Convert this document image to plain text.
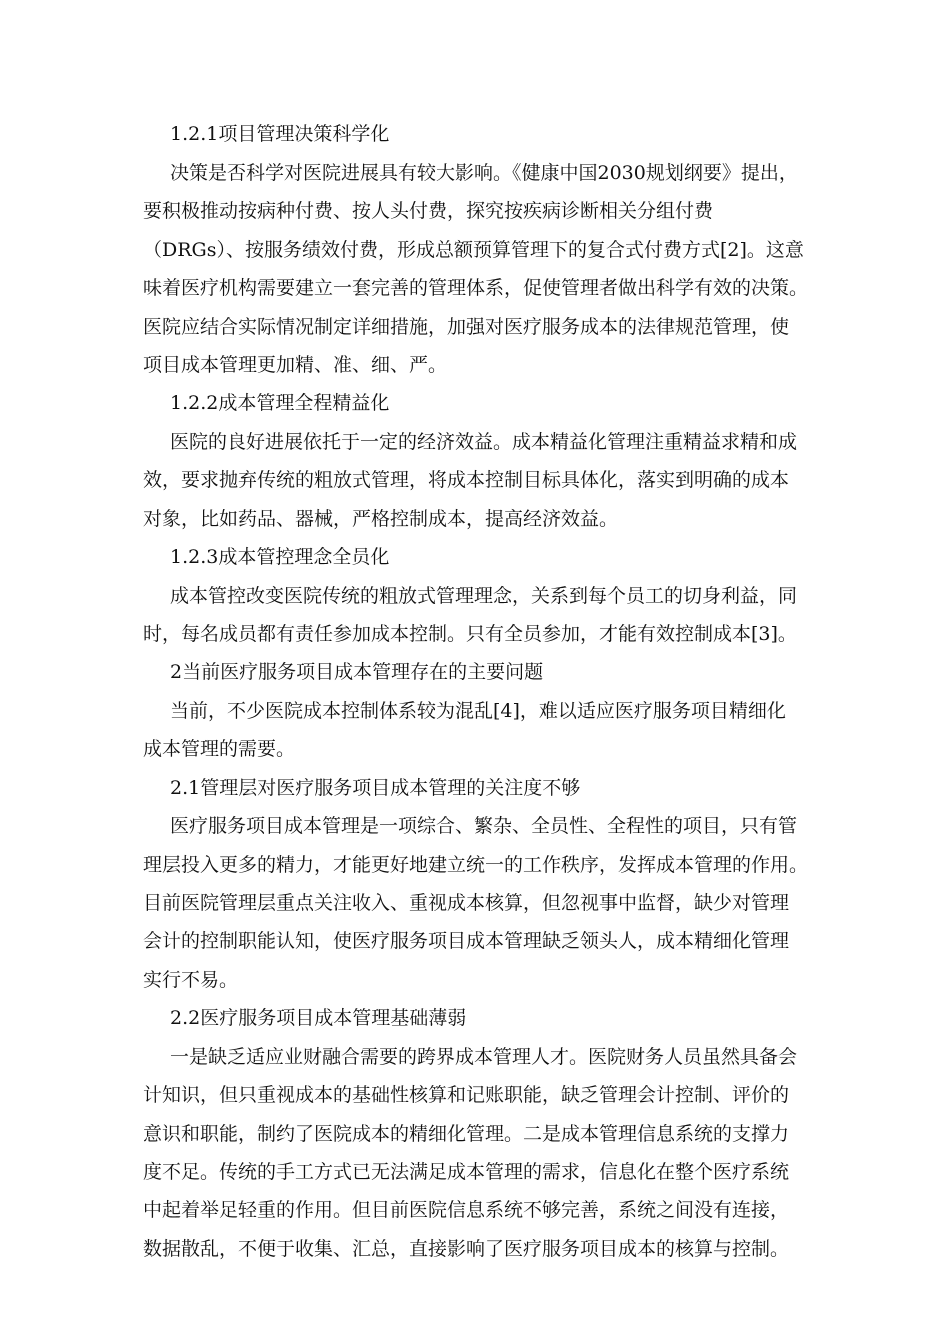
1.2.1项目管理决策科学化
决策是否科学对医院进展具有较大影响。《健康中国2030规划纲要》提出，
要积极推动按病种付费、按人头付费，探究按疾病诊断相关分组付费
（DRGs）、按服务绩效付费，形成总额预算管理下的复合式付费方式[2]。这意
味着医疗机构需要建立一套完善的管理体系，促使管理者做出科学有效的决策。
医院应结合实际情况制定详细措施，加强对医疗服务成本的法律规范管理，使
项目成本管理更加精、准、细、严。
1.2.2成本管理全程精益化
医院的良好进展依托于一定的经济效益。成本精益化管理注重精益求精和成
效，要求抛弃传统的粗放式管理，将成本控制目标具体化，落实到明确的成本
对象，比如药品、器械，严格控制成本，提高经济效益。
1.2.3成本管控理念全员化
成本管控改变医院传统的粗放式管理理念，关系到每个员工的切身利益，同
时，每名成员都有责任参加成本控制。只有全员参加，才能有效控制成本[3]。
2当前医疗服务项目成本管理存在的主要问题
当前，不少医院成本控制体系较为混乱[4]，难以适应医疗服务项目精细化
成本管理的需要。
2.1管理层对医疗服务项目成本管理的关注度不够
医疗服务项目成本管理是一项综合、繁杂、全员性、全程性的项目，只有管
理层投入更多的精力，才能更好地建立统一的工作秩序，发挥成本管理的作用。
目前医院管理层重点关注收入、重视成本核算，但忽视事中监督，缺少对管理
会计的控制职能认知，使医疗服务项目成本管理缺乏领头人，成本精细化管理
实行不易。
2.2医疗服务项目成本管理基础薄弱
一是缺乏适应业财融合需要的跨界成本管理人才。医院财务人员虽然具备会
计知识，但只重视成本的基础性核算和记账职能，缺乏管理会计控制、评价的
意识和职能，制约了医院成本的精细化管理。二是成本管理信息系统的支撑力
度不足。传统的手工方式已无法满足成本管理的需求，信息化在整个医疗系统
中起着举足轻重的作用。但目前医院信息系统不够完善，系统之间没有连接，
数据散乱，不便于收集、汇总，直接影响了医疗服务项目成本的核算与控制。
